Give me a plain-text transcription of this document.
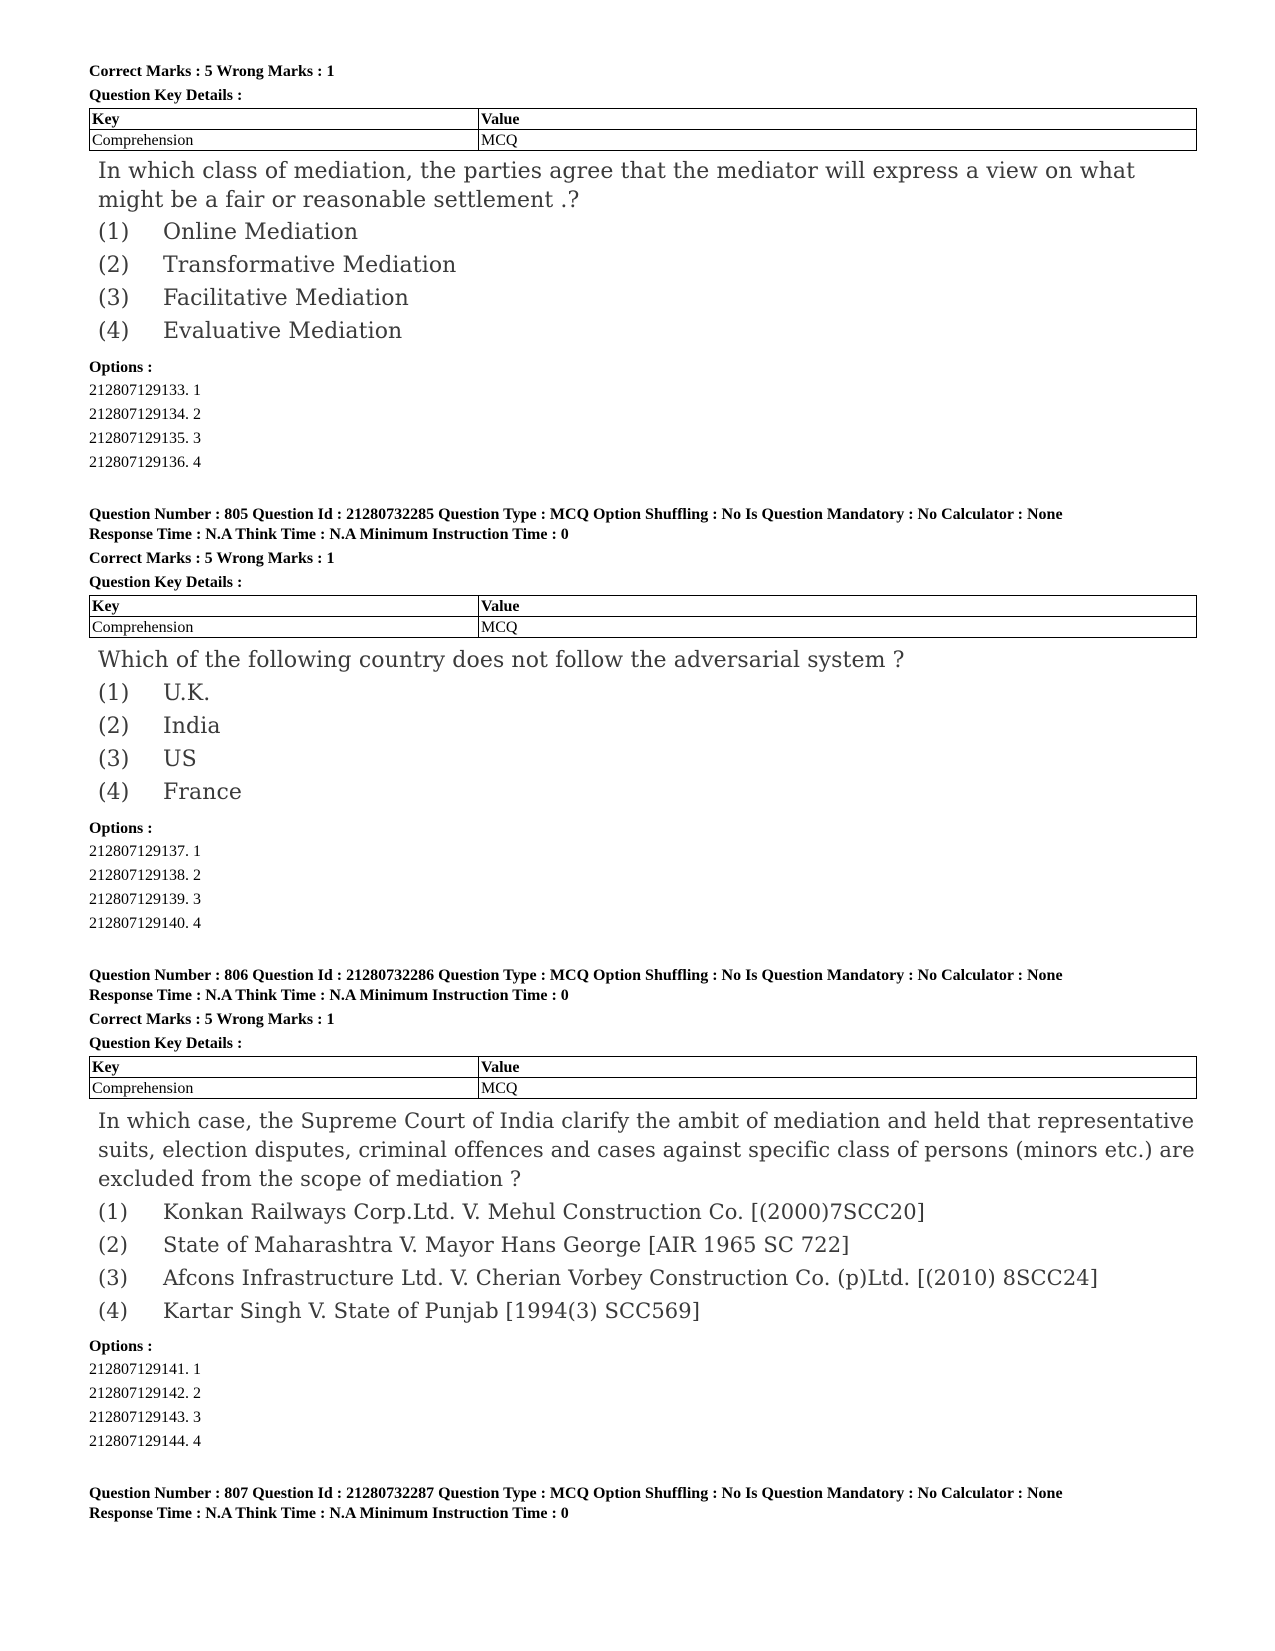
Correct Marks : 5 Wrong Marks : 1

Question Key Details :

Key	Value
Comprehension	MCQ

In which class of mediation, the parties agree that the mediator will express a view on what might be a fair or reasonable settlement .?

(1)	Online Mediation
(2)	Transformative Mediation
(3)	Facilitative Mediation
(4)	Evaluative Mediation
Options :
212807129133. 1
212807129134. 2
212807129135. 3
212807129136. 4

Question Number : 805 Question Id : 21280732285 Question Type : MCQ Option Shuffling : No Is Question Mandatory : No Calculator : None

Response Time : N.A Think Time : N.A Minimum Instruction Time : 0

Correct Marks : 5 Wrong Marks : 1

Question Key Details :

Key	Value
Comprehension	MCQ

Which of the following country does not follow the adversarial system ?

(1)	U.K.
(2)	India
(3)	US
(4)	France
Options :
212807129137. 1
212807129138. 2
212807129139. 3
212807129140. 4

Question Number : 806 Question Id : 21280732286 Question Type : MCQ Option Shuffling : No Is Question Mandatory : No Calculator : None

Response Time : N.A Think Time : N.A Minimum Instruction Time : 0

Correct Marks : 5 Wrong Marks : 1

Question Key Details :

Key	Value
Comprehension	MCQ

In which case, the Supreme Court of India clarify the ambit of mediation and held that representative suits, election disputes, criminal offences and cases against specific class of persons (minors etc.) are excluded from the scope of mediation ?

(1)	Konkan Railways Corp.Ltd. V. Mehul Construction Co. [(2000)7SCC20]
(2)	State of Maharashtra V. Mayor Hans George [AIR 1965 SC 722]
(3)	Afcons Infrastructure Ltd. V. Cherian Vorbey Construction Co. (p)Ltd. [(2010) 8SCC24]
(4)	Kartar Singh V. State of Punjab [1994(3) SCC569]
Options :
212807129141. 1
212807129142. 2
212807129143. 3
212807129144. 4

Question Number : 807 Question Id : 21280732287 Question Type : MCQ Option Shuffling : No Is Question Mandatory : No Calculator : None

Response Time : N.A Think Time : N.A Minimum Instruction Time : 0
